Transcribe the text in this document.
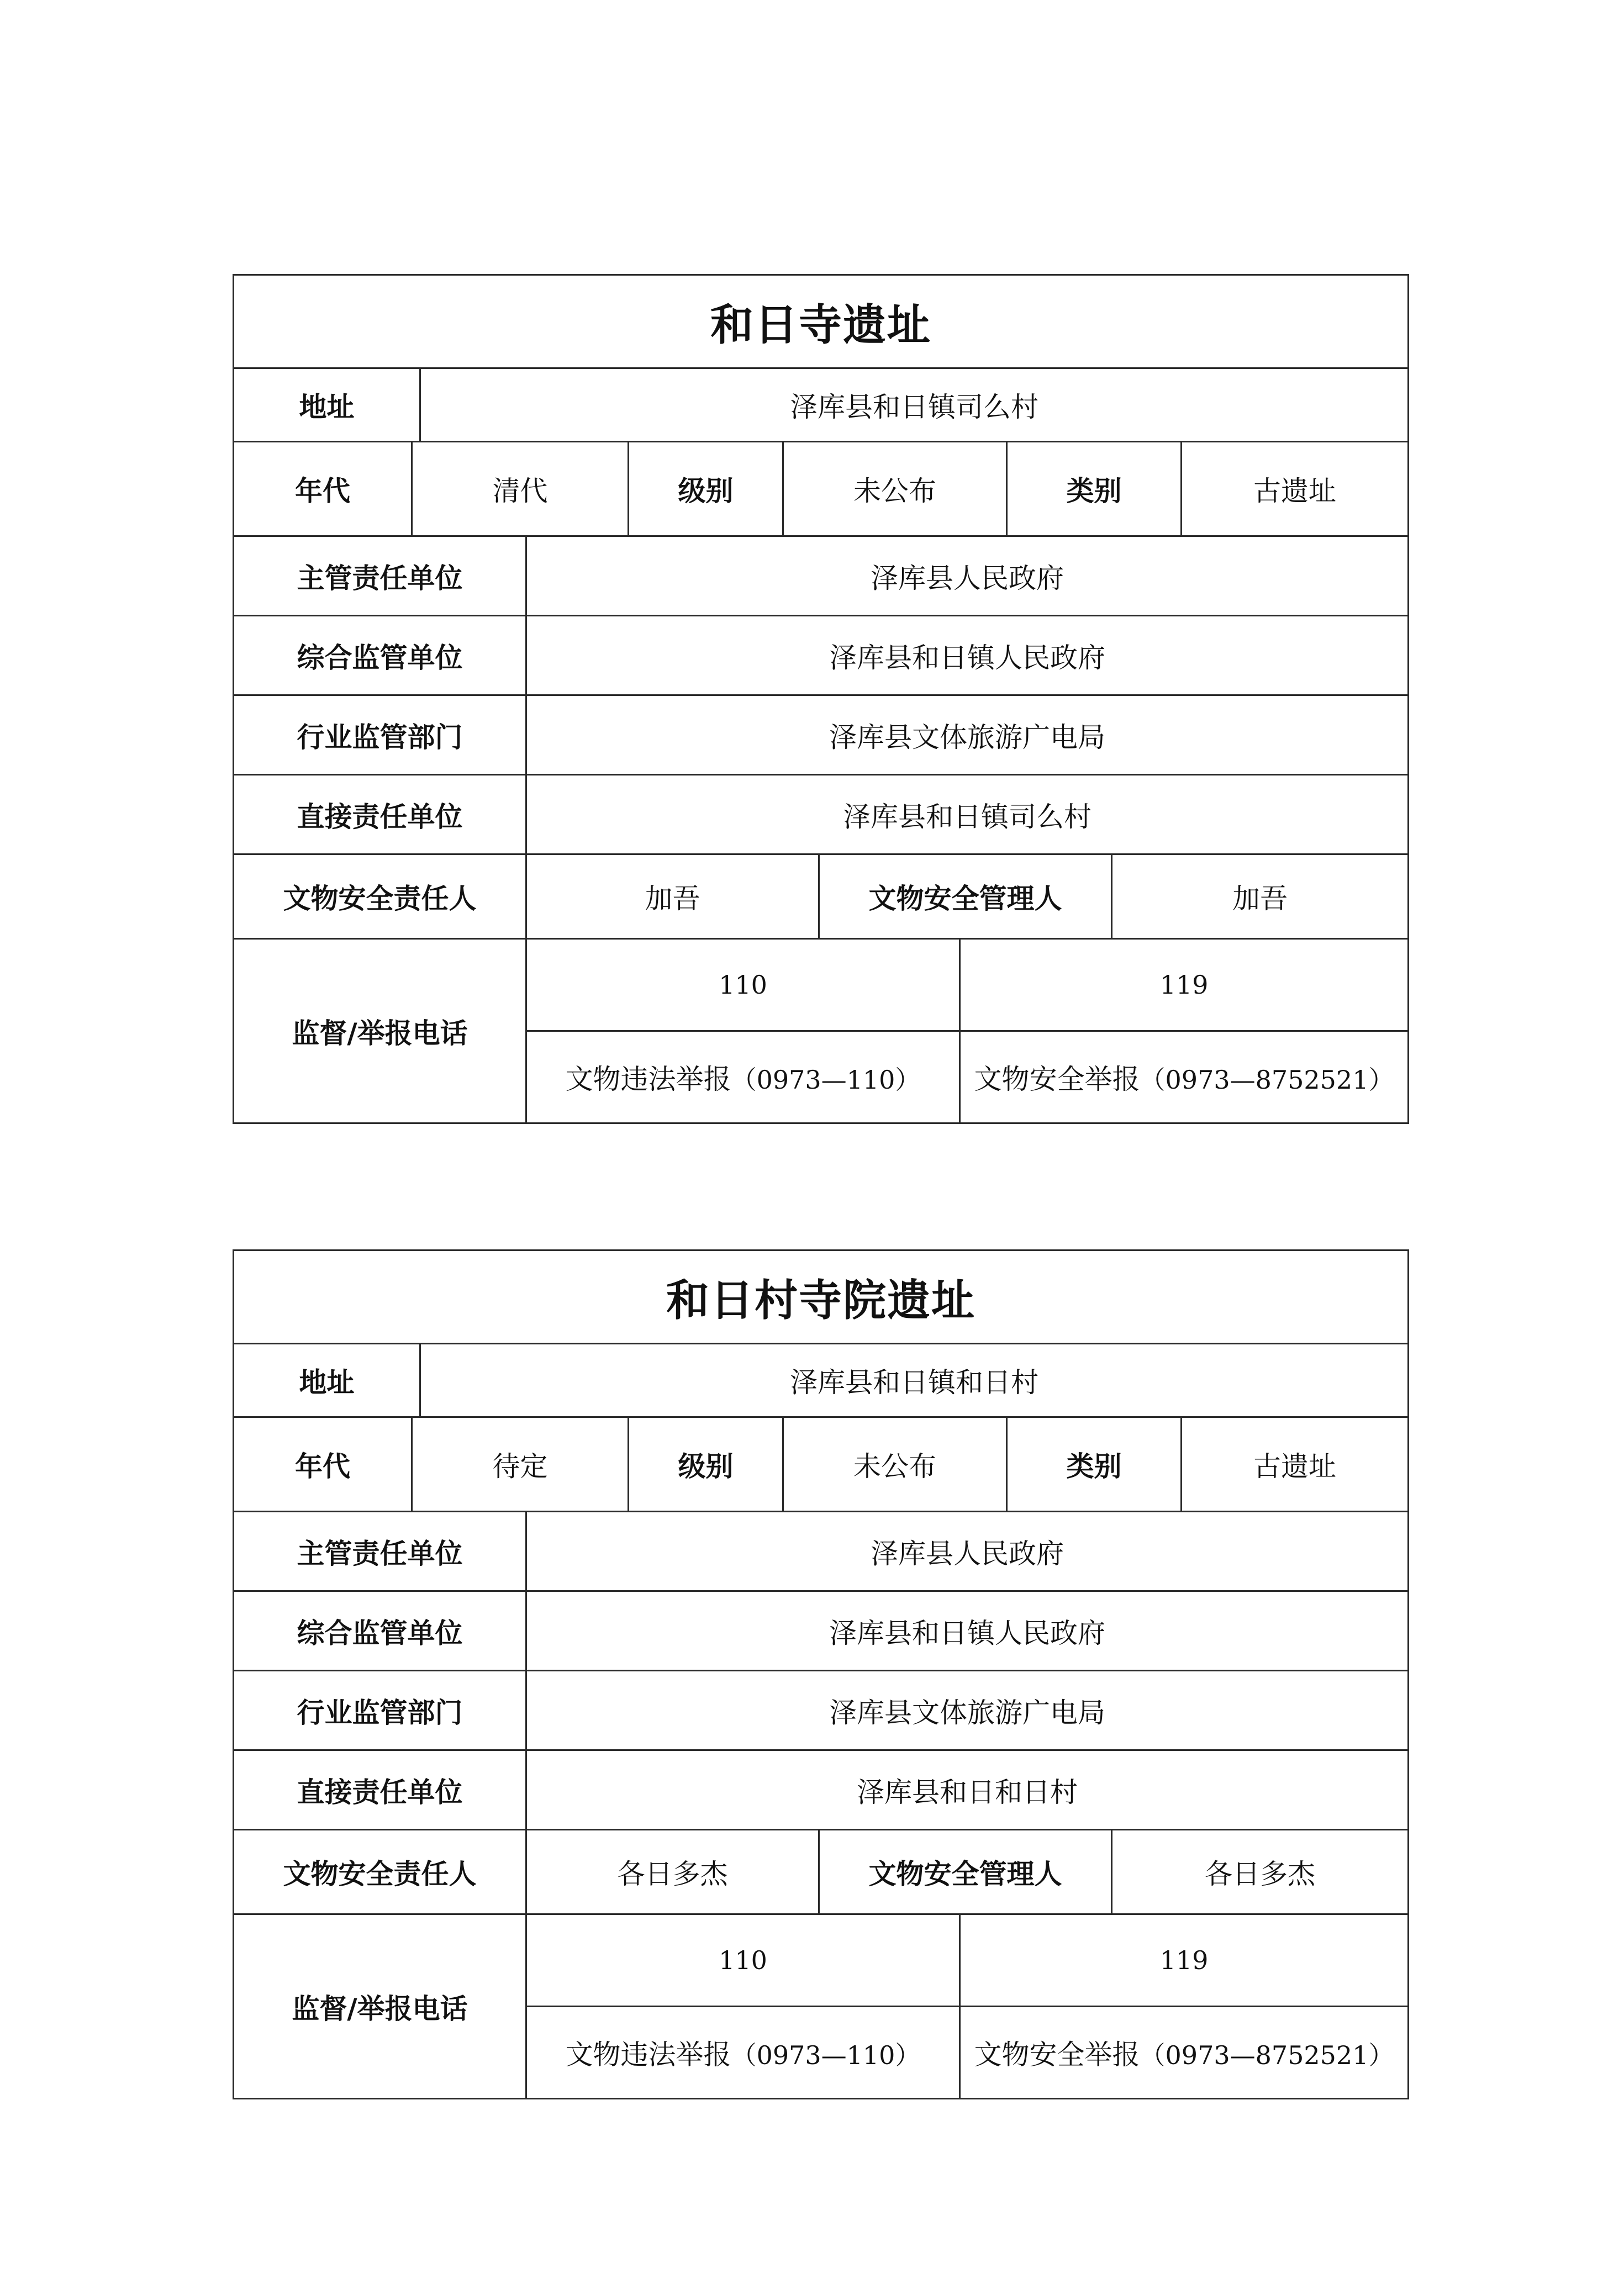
和日寺遗址
地址	泽库县和日镇司么村
年代	清代	级别	未公布	类别	古遗址
主管责任单位	泽库县人民政府		
综合监管单位	泽库县和日镇人民政府		
行业监管部门	泽库县文体旅游广电局		
直接责任单位	泽库县和日镇司么村		
文物安全责任人	加吾	文物安全管理人	加吾
监督/举报电话	110	119
	文物违法举报（0973—110）	文物安全举报（0973—8752521）
和日村寺院遗址
地址	泽库县和日镇和日村
年代	待定	级别	未公布	类别	古遗址
主管责任单位	泽库县人民政府		
综合监管单位	泽库县和日镇人民政府		
行业监管部门	泽库县文体旅游广电局		
直接责任单位	泽库县和日和日村		
文物安全责任人	各日多杰	文物安全管理人	各日多杰
监督/举报电话	110	119
	文物违法举报（0973—110）	文物安全举报（0973—8752521）
